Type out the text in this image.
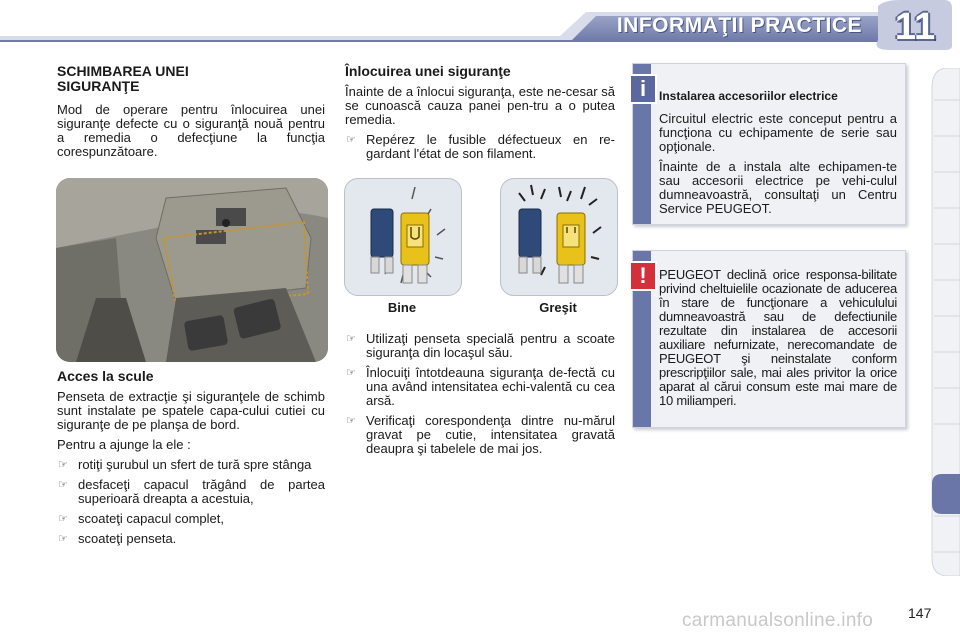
INFORMAŢII PRACTICE 11
SCHIMBAREA UNEI SIGURANŢE

Mod de operare pentru înlocuirea unei siguranţe defecte cu o siguranţă nouă pentru a remedia o defecţiune la funcţia corespunzătoare.

Acces la scule

Penseta de extracţie şi siguranţele de schimb sunt instalate pe spatele capa-cului cutiei cu siguranţe de pe planşa de bord.

Pentru a ajunge la ele :

☞ rotiţi şurubul un sfert de tură spre stânga
☞ desfaceţi capacul trăgând de partea superioară dreapta a acestuia,
☞ scoateţi capacul complet,
☞ scoateţi penseta.
Înlocuirea unei siguranţe

Înainte de a înlocui siguranţa, este ne-cesar să se cunoască cauza panei pen-tru a o putea remedia.

☞ Repérez le fusible défectueux en re-gardant l'état de son filament.
Bine	Greşit
☞ Utilizaţi penseta specială pentru a scoate siguranţa din locaşul său.
☞ Înlocuiţi întotdeauna siguranţa de-fectă cu una având intensitatea echi-valentă cu cea arsă.
☞ Verificaţi corespondenţa dintre nu-mărul gravat pe cutie, intensitatea gravată deaupra şi tabelele de mai jos.
i	Instalarea accesoriilor electrice

Circuitul electric este conceput pentru a funcţiona cu echipamente de serie sau opţionale.

Înainte de a instala alte echipamen-te sau accesorii electrice pe vehi-culul dumneavoastră, consultaţi un Centru Service PEUGEOT.

! PEUGEOT declină orice responsa-bilitate privind cheltuielile ocazionate de aducerea în stare de funcţionare a vehiculului dumneavoastră sau de defectiunile rezultate din instalarea de accesorii auxiliare nefurnizate, nerecomandate de PEUGEOT şi neinstalate conform prescripţiilor sale, mai ales privitor la orice aparat al cărui consum este mai mare de 10 miliamperi.

147
carmanualsonline.info
